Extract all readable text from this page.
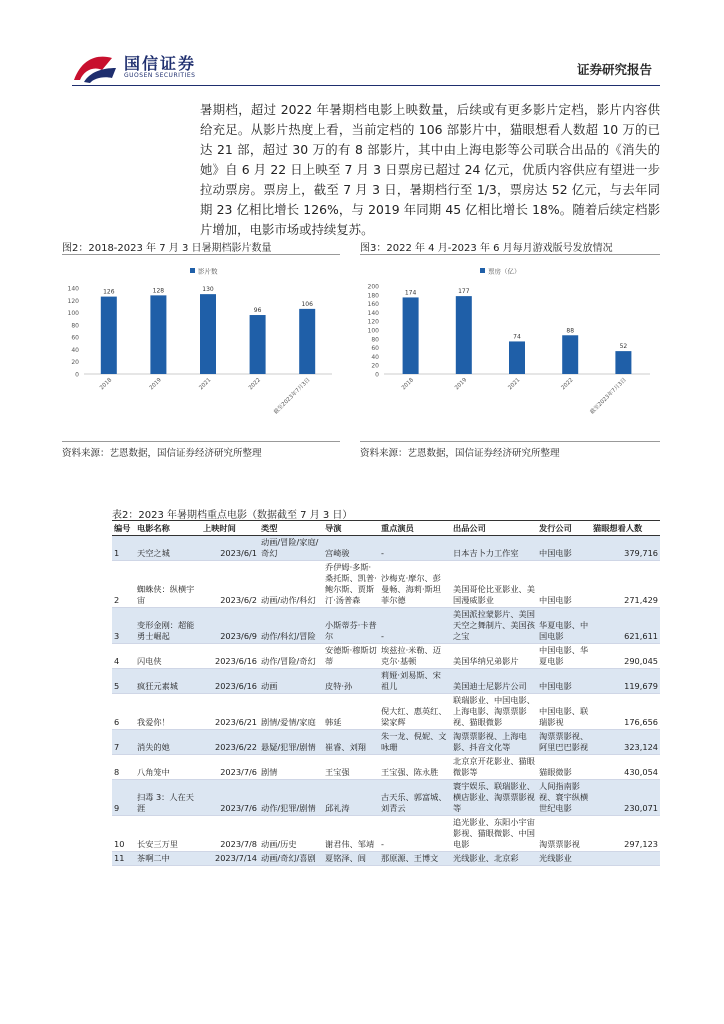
国信证券
GUOSEN SECURITIES	证券研究报告
暑期档，超过 2022 年暑期档电影上映数量，后续或有更多影片定档，影片内容供给充足。从影片热度上看，当前定档的 106 部影片中，猫眼想看人数超 10 万的已达 21 部，超过 30 万的有 8 部影片，其中由上海电影等公司联合出品的《消失的她》自 6 月 22 日上映至 7 月 3 日票房已超过 24 亿元，优质内容供应有望进一步拉动票房。票房上，截至 7 月 3 日，暑期档行至 1/3，票房达 52 亿元，与去年同期 23 亿相比增长 126%，与 2019 年同期 45 亿相比增长 18%。随着后续定档影片增加，电影市场或持续复苏。
图2：2018-2023 年 7 月 3 日暑期档影片数量
影片数
0
20
40
60
80
100
120
140	126
2018
128
2019
130
2021
96
2022
106
截至2023年7月3日
资料来源：艺恩数据，国信证券经济研究所整理
图3：2022 年 4 月-2023 年 6 月每月游戏版号发放情况
票房（亿）
0
20
40
60
80
100
120
140
160
180
200
174
2018
177
2019
74
2021
88
2022
52
截至2023年7月3日
资料来源：艺恩数据，国信证券经济研究所整理
表2：2023 年暑期档重点电影（数据截至 7 月 3 日）
编号	电影名称	上映时间	类型	导演	重点演员	出品公司	发行公司	猫眼想看人数
1	天空之城	2023/6/1	动画/冒险/家庭/奇幻	宫崎骏	-	日本吉卜力工作室	中国电影	379,716
2	蜘蛛侠：纵横宇宙	2023/6/2	动画/动作/科幻	乔伊姆·多斯·桑托斯、凯普·鲍尔斯、贾斯汀·汤普森	沙梅克·摩尔、彭曼畅、海莉·斯坦菲尔德	美国哥伦比亚影业、美国漫威影业	中国电影	271,429
3	变形金刚：超能勇士崛起	2023/6/9	动作/科幻/冒险	小斯蒂芬·卡普尔	-	美国派拉蒙影片、美国天空之舞制片、美国孩之宝	华夏电影、中国电影	621,611
4	闪电侠	2023/6/16	动作/冒险/奇幻	安德斯·穆斯切蒂	埃兹拉·米勒、迈克尔·基顿	美国华纳兄弟影片	中国电影、华夏电影	290,045
5	疯狂元素城	2023/6/16	动画	皮特·孙	莉娅·刘易斯、宋祖儿	美国迪士尼影片公司	中国电影	119,679
6	我爱你！	2023/6/21	剧情/爱情/家庭	韩延	倪大红、惠英红、梁家辉	联瑞影业、中国电影、上海电影、淘票票影视、猫眼微影	中国电影、联瑞影视	176,656
7	消失的她	2023/6/22	悬疑/犯罪/剧情	崔睿、刘翔	朱一龙、倪妮、文咏珊	淘票票影视、上海电影、抖音文化等	淘票票影视、阿里巴巴影视	323,124
8	八角笼中	2023/7/6	剧情	王宝强	王宝强、陈永胜	北京京开花影业、猫眼微影等	猫眼微影	430,054
9	扫毒 3：人在天涯	2023/7/6	动作/犯罪/剧情	邱礼涛	古天乐、郭富城、刘青云	寰宇娱乐、联瑞影业、横店影业、淘票票影视等	人间指南影视、寰宇纵横世纪电影	230,071
10	长安三万里	2023/7/8	动画/历史	谢君伟、邹靖	-	追光影业、东阳小宇宙影视、猫眼微影、中国电影	淘票票影视	297,123
11	茶啊二中	2023/7/14	动画/奇幻/喜剧	夏铭泽、闾	那原源、王博文	光线影业、北京彩	光线影业	
